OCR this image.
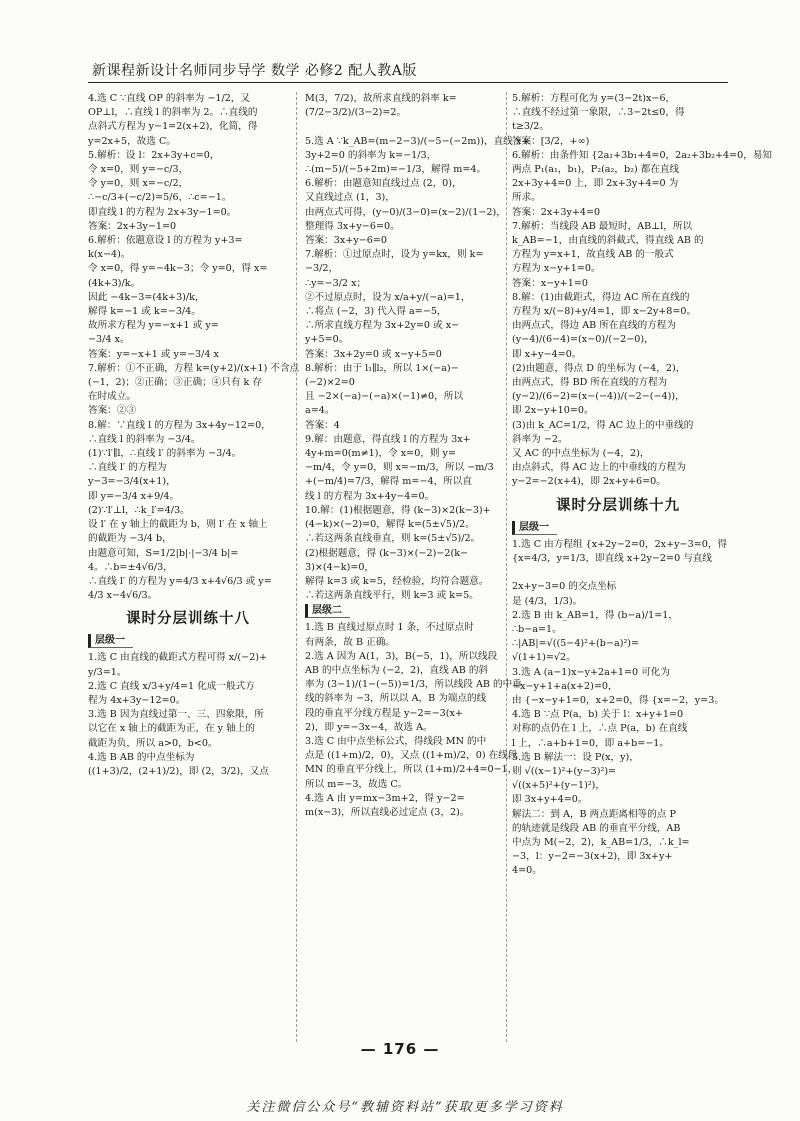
新课程新设计名师同步导学 数学 必修2 配人教A版
4.选 C ∵直线 OP 的斜率为 −1/2，又
OP⊥l，∴直线 l 的斜率为 2。∴直线的
点斜式方程为 y−1=2(x+2)，化简，得
y=2x+5，故选 C。
5.解析：设 l：2x+3y+c=0，
令 x=0，则 y=−c/3，
令 y=0，则 x=−c/2，
∴−c/3+(−c/2)=5/6，∴c=−1。
即直线 l 的方程为 2x+3y−1=0。
答案：2x+3y−1=0
6.解析：依题意设 l 的方程为 y+3=
k(x−4)。
令 x=0，得 y=−4k−3；令 y=0，得 x=
(4k+3)/k。
因此 −4k−3=(4k+3)/k，
解得 k=−1 或 k=−3/4。
故所求方程为 y=−x+1 或 y=
−3/4 x。
答案：y=−x+1 或 y=−3/4 x
7.解析：①不正确，方程 k=(y+2)/(x+1) 不含点
(−1，2)；②正确；③正确；④只有 k 存
在时成立。
答案：②③
8.解：∵直线 l 的方程为 3x+4y−12=0，
∴直线 l 的斜率为 −3/4。
(1)∵l′∥l，∴直线 l′ 的斜率为 −3/4。
∴直线 l′ 的方程为
y−3=−3/4(x+1)，
即 y=−3/4 x+9/4。
(2)∵l′⊥l，∴k_l′=4/3。
设 l′ 在 y 轴上的截距为 b，则 l′ 在 x 轴上
的截距为 −3/4 b，
由题意可知，S=1/2|b|·|−3/4 b|=
4。∴b=±4√6/3，
∴直线 l′ 的方程为 y=4/3 x+4√6/3 或 y=
4/3 x−4√6/3。
课时分层训练十八
层级一
1.选 C 由直线的截距式方程可得 x/(−2)+
y/3=1。
2.选 C 直线 x/3+y/4=1 化成一般式方
程为 4x+3y−12=0。
3.选 B 因为直线过第一、三、四象限，所
以它在 x 轴上的截距为正，在 y 轴上的
截距为负，所以 a>0，b<0。
4.选 B AB 的中点坐标为
((1+3)/2，(2+1)/2)，即 (2，3/2)，又点
M(3，7/2)，故所求直线的斜率 k=
(7/2−3/2)/(3−2)=2。

5.选 A ∵k_AB=(m−2−3)/(−5−(−2m))，直线 x+
3y+2=0 的斜率为 k=−1/3，
∴(m−5)/(−5+2m)=−1/3，解得 m=4。
6.解析：由题意知直线过点 (2，0)，
又直线过点 (1，3)，
由两点式可得，(y−0)/(3−0)=(x−2)/(1−2)，
整理得 3x+y−6=0。
答案：3x+y−6=0
7.解析：①过原点时，设为 y=kx，则 k=
−3/2，
∴y=−3/2 x；
②不过原点时，设为 x/a+y/(−a)=1，
∴将点 (−2，3) 代入得 a=−5，
∴所求直线方程为 3x+2y=0 或 x−
y+5=0。
答案：3x+2y=0 或 x−y+5=0
8.解析：由于 l₁∥l₂，所以 1×(−a)−
(−2)×2=0
且 −2×(−a)−(−a)×(−1)≠0，所以
a=4。
答案：4
9.解：由题意，得直线 l 的方程为 3x+
4y+m=0(m≠1)，令 x=0，则 y=
−m/4，令 y=0，则 x=−m/3，所以 −m/3
+(−m/4)=7/3，解得 m=−4，所以直
线 l 的方程为 3x+4y−4=0。
10.解：(1)根据题意，得 (k−3)×2(k−3)+
(4−k)×(−2)=0，解得 k=(5±√5)/2。
∴若这两条直线垂直，则 k=(5±√5)/2。
(2)根据题意，得 (k−3)×(−2)−2(k−
3)×(4−k)=0，
解得 k=3 或 k=5，经检验，均符合题意。
∴若这两条直线平行，则 k=3 或 k=5。
层级二
1.选 B 直线过原点时 1 条，不过原点时
有两条，故 B 正确。
2.选 A 因为 A(1，3)，B(−5，1)，所以线段
AB 的中点坐标为 (−2，2)，直线 AB 的斜
率为 (3−1)/(1−(−5))=1/3，所以线段 AB 的中垂
线的斜率为 −3，所以以 A，B 为端点的线
段的垂直平分线方程是 y−2=−3(x+
2)，即 y=−3x−4，故选 A。
3.选 C 由中点坐标公式，得线段 MN 的中
点是 ((1+m)/2，0)，又点 ((1+m)/2，0) 在线段
MN 的垂直平分线上，所以 (1+m)/2+4=0−1，
所以 m=−3，故选 C。
4.选 A 由 y=mx−3m+2，得 y−2=
m(x−3)，所以直线必过定点 (3，2)。
5.解析：方程可化为 y=(3−2t)x−6，
∴直线不经过第一象限，∴3−2t≤0，得
t≥3/2。
答案：[3/2，+∞)
6.解析：由条件知 {2a₁+3b₁+4=0，2a₂+3b₂+4=0，易知
两点 P₁(a₁，b₁)，P₂(a₂，b₂) 都在直线
2x+3y+4=0 上，即 2x+3y+4=0 为
所求。
答案：2x+3y+4=0
7.解析：当线段 AB 最短时，AB⊥l，所以
k_AB=−1，由直线的斜截式，得直线 AB 的
方程为 y=x+1，故直线 AB 的一般式
方程为 x−y+1=0。
答案：x−y+1=0
8.解：(1)由截距式，得边 AC 所在直线的
方程为 x/(−8)+y/4=1，即 x−2y+8=0。
由两点式，得边 AB 所在直线的方程为
(y−4)/(6−4)=(x−0)/(−2−0)，
即 x+y−4=0。
(2)由题意，得点 D 的坐标为 (−4，2)，
由两点式，得 BD 所在直线的方程为
(y−2)/(6−2)=(x−(−4))/(−2−(−4))，
即 2x−y+10=0。
(3)由 k_AC=1/2，得 AC 边上的中垂线的
斜率为 −2。
又 AC 的中点坐标为 (−4，2)，
由点斜式，得 AC 边上的中垂线的方程为
y−2=−2(x+4)，即 2x+y+6=0。
课时分层训练十九
层级一
1.选 C 由方程组 {x+2y−2=0，2x+y−3=0，得
{x=4/3，y=1/3，即直线 x+2y−2=0 与直线

2x+y−3=0 的交点坐标
是 (4/3，1/3)。
2.选 B 由 k_AB=1，得 (b−a)/1=1，
∴b−a=1。
∴|AB|=√((5−4)²+(b−a)²)=
√(1+1)=√2。
3.选 A (a−1)x−y+2a+1=0 可化为
−x−y+1+a(x+2)=0，
由 {−x−y+1=0，x+2=0，得 {x=−2，y=3。
4.选 B ∵点 P(a，b) 关于 l：x+y+1=0
对称的点仍在 l 上，∴点 P(a，b) 在直线
l 上，∴a+b+1=0，即 a+b=−1。
5.选 B 解法一：设 P(x，y)，
则 √((x−1)²+(y−3)²)=
√((x+5)²+(y−1)²)，
即 3x+y+4=0。
解法二：到 A，B 两点距离相等的点 P
的轨迹就是线段 AB 的垂直平分线，AB
中点为 M(−2，2)，k_AB=1/3，∴k_l=
−3，l：y−2=−3(x+2)，即 3x+y+
4=0。
— 176 —
关注微信公众号“教辅资料站”获取更多学习资料
